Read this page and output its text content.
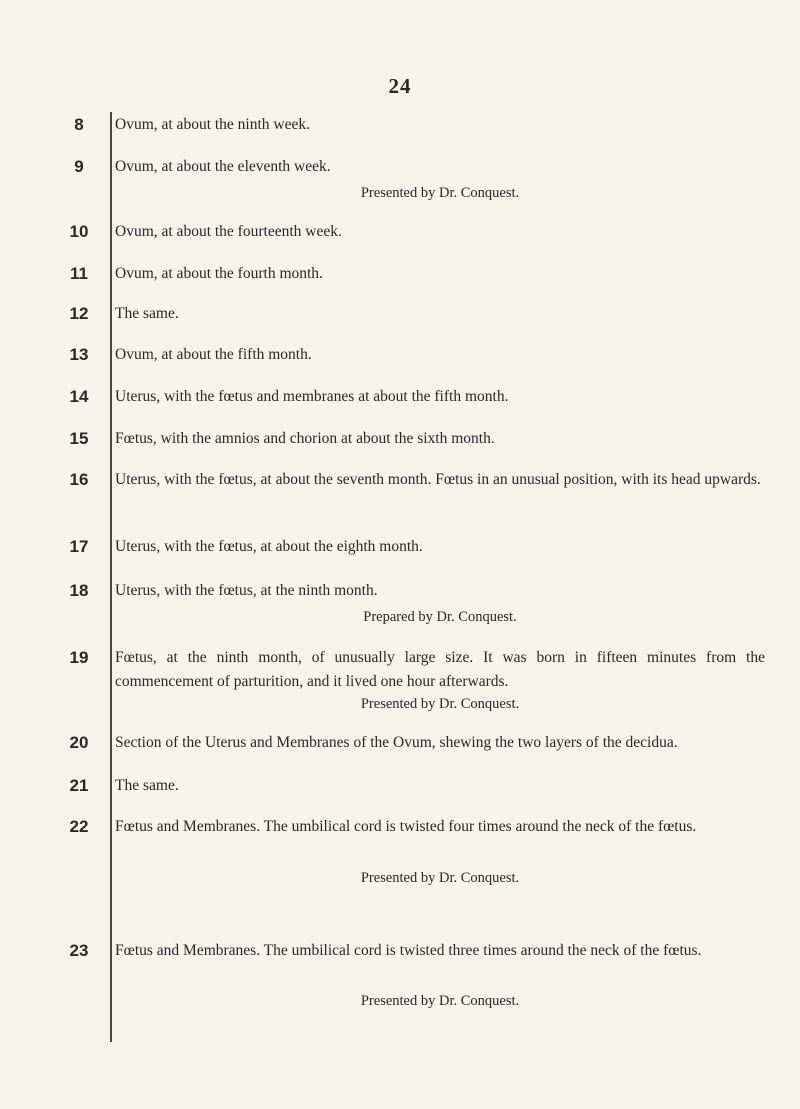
24
8	Ovum, at about the ninth week.
9	Ovum, at about the eleventh week.
Presented by Dr. Conquest.
10	Ovum, at about the fourteenth week.
11	Ovum, at about the fourth month.
12	The same.
13	Ovum, at about the fifth month.
14	Uterus, with the fœtus and membranes at about the fifth month.
15	Fœtus, with the amnios and chorion at about the sixth month.
16	Uterus, with the fœtus, at about the seventh month. Fœtus in an unusual position, with its head upwards.
17	Uterus, with the fœtus, at about the eighth month.
18	Uterus, with the fœtus, at the ninth month.
Prepared by Dr. Conquest.
19	Fœtus, at the ninth month, of unusually large size. It was born in fifteen minutes from the commencement of parturition, and it lived one hour afterwards.
Presented by Dr. Conquest.
20	Section of the Uterus and Membranes of the Ovum, shewing the two layers of the decidua.
21	The same.
22	Fœtus and Membranes. The umbilical cord is twisted four times around the neck of the fœtus.
Presented by Dr. Conquest.
23	Fœtus and Membranes. The umbilical cord is twisted three times around the neck of the fœtus.
Presented by Dr. Conquest.
